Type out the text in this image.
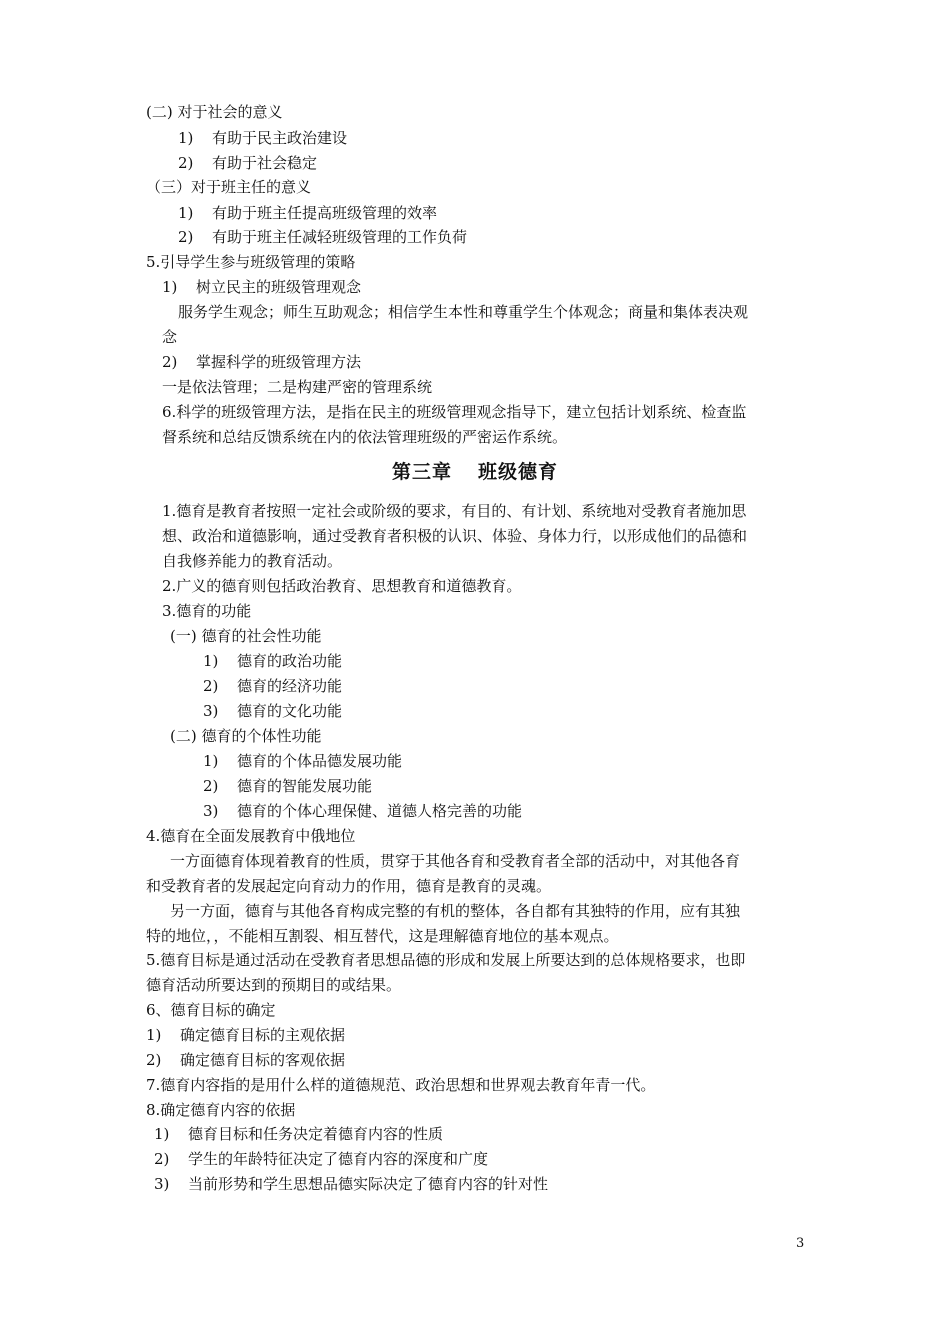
(二) 对于社会的意义
1) 有助于民主政治建设
2) 有助于社会稳定
（三）对于班主任的意义
1) 有助于班主任提高班级管理的效率
2) 有助于班主任减轻班级管理的工作负荷
5.引导学生参与班级管理的策略
1) 树立民主的班级管理观念
服务学生观念；师生互助观念；相信学生本性和尊重学生个体观念；商量和集体表决观
念
2) 掌握科学的班级管理方法
一是依法管理；二是构建严密的管理系统
6.科学的班级管理方法，是指在民主的班级管理观念指导下，建立包括计划系统、检查监
督系统和总结反馈系统在内的依法管理班级的严密运作系统。
第三章 班级德育
1.德育是教育者按照一定社会或阶级的要求，有目的、有计划、系统地对受教育者施加思
想、政治和道德影响，通过受教育者积极的认识、体验、身体力行，以形成他们的品德和
自我修养能力的教育活动。
2.广义的德育则包括政治教育、思想教育和道德教育。
3.德育的功能
(一) 德育的社会性功能
1) 德育的政治功能
2) 德育的经济功能
3) 德育的文化功能
(二) 德育的个体性功能
1) 德育的个体品德发展功能
2) 德育的智能发展功能
3) 德育的个体心理保健、道德人格完善的功能
4.德育在全面发展教育中俄地位
一方面德育体现着教育的性质，贯穿于其他各育和受教育者全部的活动中，对其他各育
和受教育者的发展起定向育动力的作用，德育是教育的灵魂。
另一方面，德育与其他各育构成完整的有机的整体，各自都有其独特的作用，应有其独
特的地位，，不能相互割裂、相互替代，这是理解德育地位的基本观点。
5.德育目标是通过活动在受教育者思想品德的形成和发展上所要达到的总体规格要求，也即
德育活动所要达到的预期目的或结果。
6、德育目标的确定
1) 确定德育目标的主观依据
2) 确定德育目标的客观依据
7.德育内容指的是用什么样的道德规范、政治思想和世界观去教育年青一代。
8.确定德育内容的依据
1) 德育目标和任务决定着德育内容的性质
2) 学生的年龄特征决定了德育内容的深度和广度
3) 当前形势和学生思想品德实际决定了德育内容的针对性
3
